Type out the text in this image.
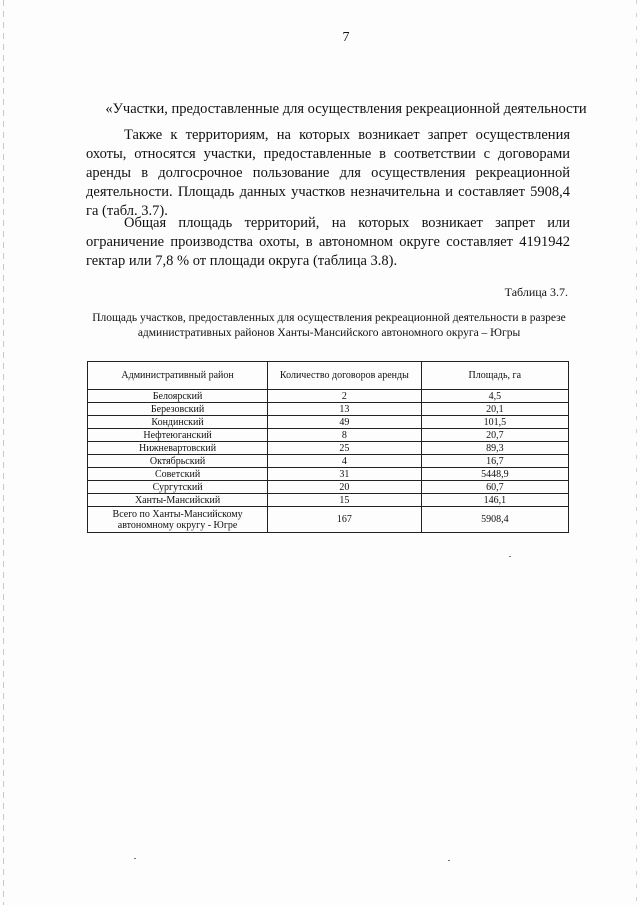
7
«Участки, предоставленные для осуществления рекреационной деятельности

Также к территориям, на которых возникает запрет осуществления охоты, относятся участки, предоставленные в соответствии с договорами аренды в долгосрочное пользование для осуществления рекреационной деятельности. Площадь данных участков незначительна и составляет 5908,4 га (табл. 3.7).

Общая площадь территорий, на которых возникает запрет или ограничение производства охоты, в автономном округе составляет 4191942 гектар или 7,8 % от площади округа (таблица 3.8).

Таблица 3.7.
Площадь участков, предоставленных для осуществления рекреационной деятельности в разрезе административных районов Ханты-Мансийского автономного округа – Югры
Административный район	Количество договоров аренды	Площадь, га
Белоярский	2	4,5
Березовский	13	20,1
Кондинский	49	101,5
Нефтеюганский	8	20,7
Нижневартовский	25	89,3
Октябрьский	4	16,7
Советский	31	5448,9
Сургутский	20	60,7
Ханты-Мансийский	15	146,1
Всего по Ханты-Мансийскому автономному округу - Югре	167	5908,4
